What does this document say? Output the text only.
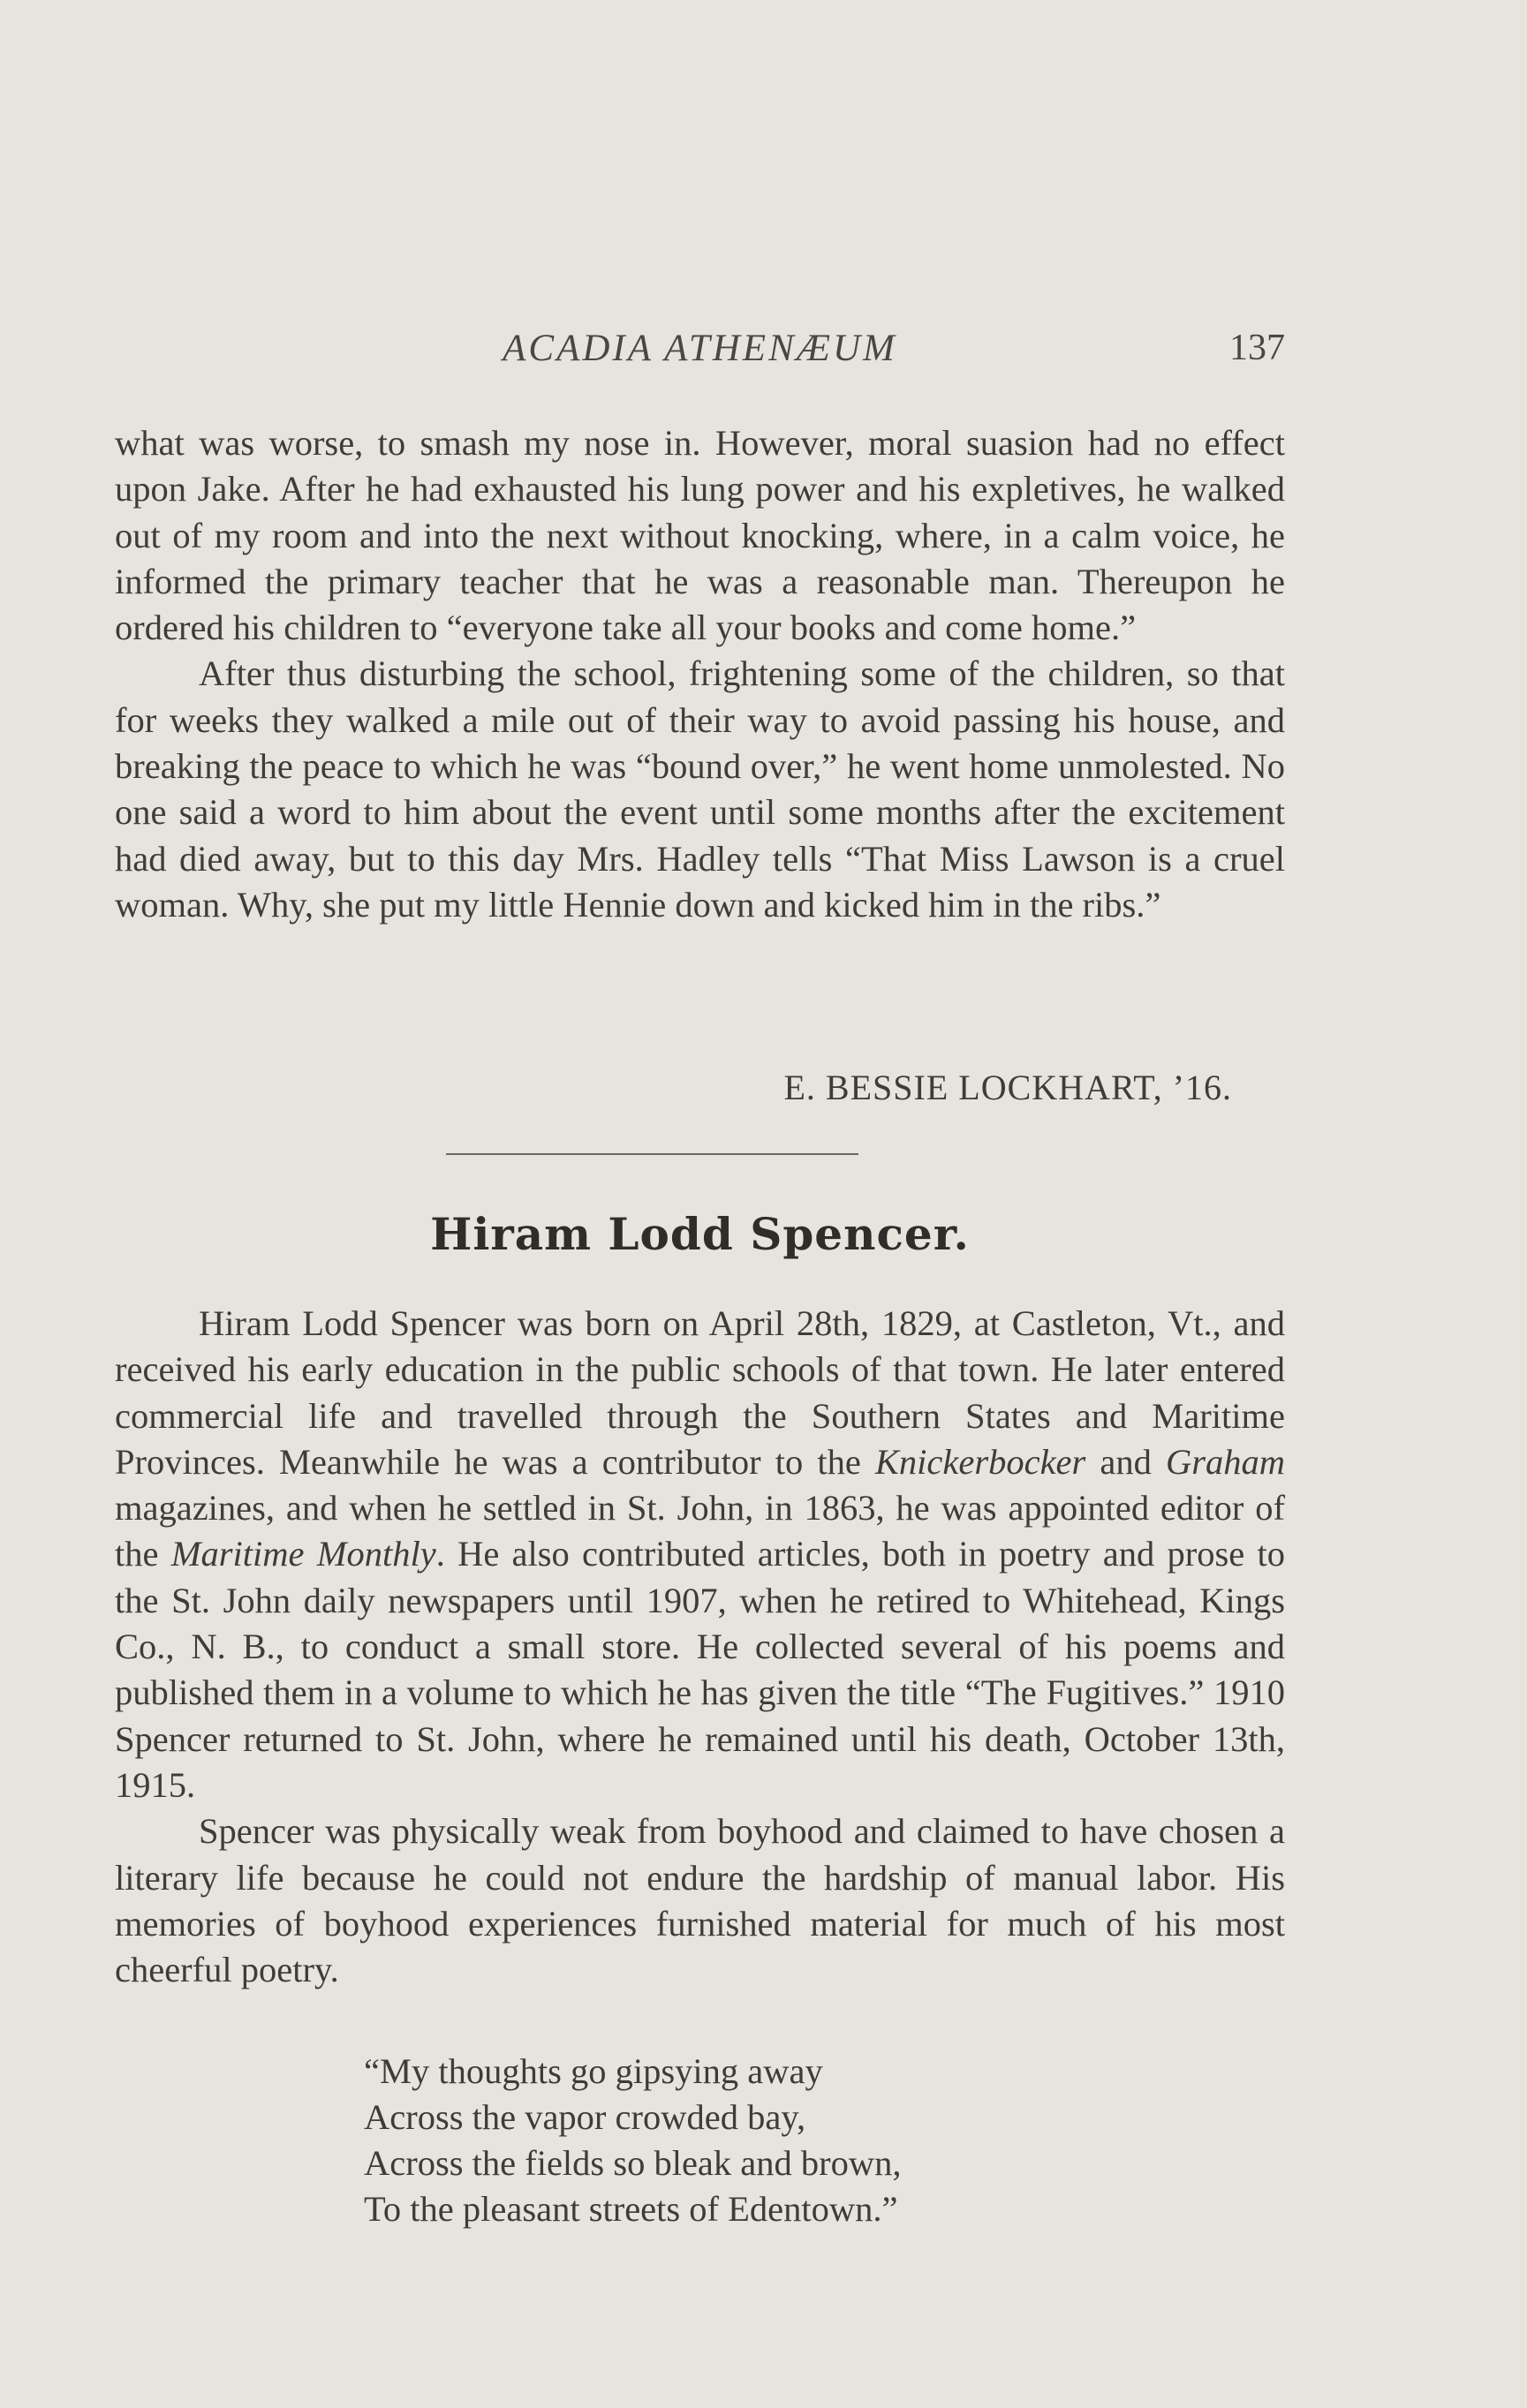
ACADIA ATHENÆUM	137

what was worse, to smash my nose in. However, moral suasion had no effect upon Jake. After he had exhausted his lung power and his expletives, he walked out of my room and into the next without knocking, where, in a calm voice, he informed the primary teacher that he was a reasonable man. Thereupon he ordered his children to “everyone take all your books and come home.”

After thus disturbing the school, frightening some of the children, so that for weeks they walked a mile out of their way to avoid passing his house, and breaking the peace to which he was “bound over,” he went home unmolested. No one said a word to him about the event until some months after the excitement had died away, but to this day Mrs. Hadley tells “That Miss Lawson is a cruel woman. Why, she put my little Hennie down and kicked him in the ribs.”

E. BESSIE LOCKHART, ’16.
Hiram Lodd Spencer.

Hiram Lodd Spencer was born on April 28th, 1829, at Castleton, Vt., and received his early education in the public schools of that town. He later entered commercial life and travelled through the Southern States and Maritime Provinces. Meanwhile he was a contributor to the Knickerbocker and Graham magazines, and when he settled in St. John, in 1863, he was appointed editor of the Maritime Monthly. He also contributed articles, both in poetry and prose to the St. John daily newspapers until 1907, when he retired to Whitehead, Kings Co., N. B., to conduct a small store. He collected several of his poems and published them in a volume to which he has given the title “The Fugitives.” 1910 Spencer returned to St. John, where he remained until his death, October 13th, 1915.

Spencer was physically weak from boyhood and claimed to have chosen a literary life because he could not endure the hardship of manual labor. His memories of boyhood experiences furnished material for much of his most cheerful poetry.

“My thoughts go gipsying away
Across the vapor crowded bay,
Across the fields so bleak and brown,
To the pleasant streets of Edentown.”
